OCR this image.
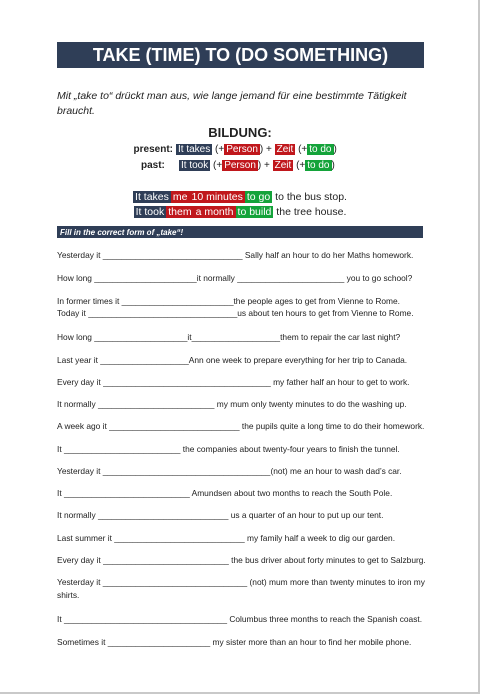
TAKE (TIME) TO (DO SOMETHING)
Mit „take to“ drückt man aus, wie lange jemand für eine bestimmte Tätigkeit braucht.
BILDUNG:
present: It takes (+ Person ) + Zeit (+ to do )
past: It took (+ Person ) + Zeit (+ to do )
It takes me 10 minutes to go to the bus stop.
It took them a month to build the tree house.
Fill in the correct form of „take“!
Yesterday it ______________________________ Sally half an hour to do her Maths homework.
How long ______________________it normally _______________________ you to go school?
In former times it ________________________the people ages to get from Vienne to Rome.
Today it ________________________________us about ten hours to get from Vienne to Rome.
How long ____________________it___________________them to repair the car last night?
Last year it ___________________Ann one week to prepare everything for her trip to Canada.
Every day it ____________________________________ my father half an hour to get to work.
It normally _________________________ my mum only twenty minutes to do the washing up.
A week ago it ____________________________ the pupils quite a long time to do their homework.
It _________________________ the companies about twenty-four years to finish the tunnel.
Yesterday it ____________________________________(not) me an hour to wash dad’s car.
It ___________________________ Amundsen about two months to reach the South Pole.
It normally ____________________________ us a quarter of an hour to put up our tent.
Last summer it ____________________________ my family half a week to dig our garden.
Every day it ___________________________ the bus driver about forty minutes to get to Salzburg.
Yesterday it _______________________________ (not) mum more than twenty minutes to iron my shirts.
It ___________________________________ Columbus three months to reach the Spanish coast.
Sometimes it ______________________ my sister more than an hour to find her mobile phone.
